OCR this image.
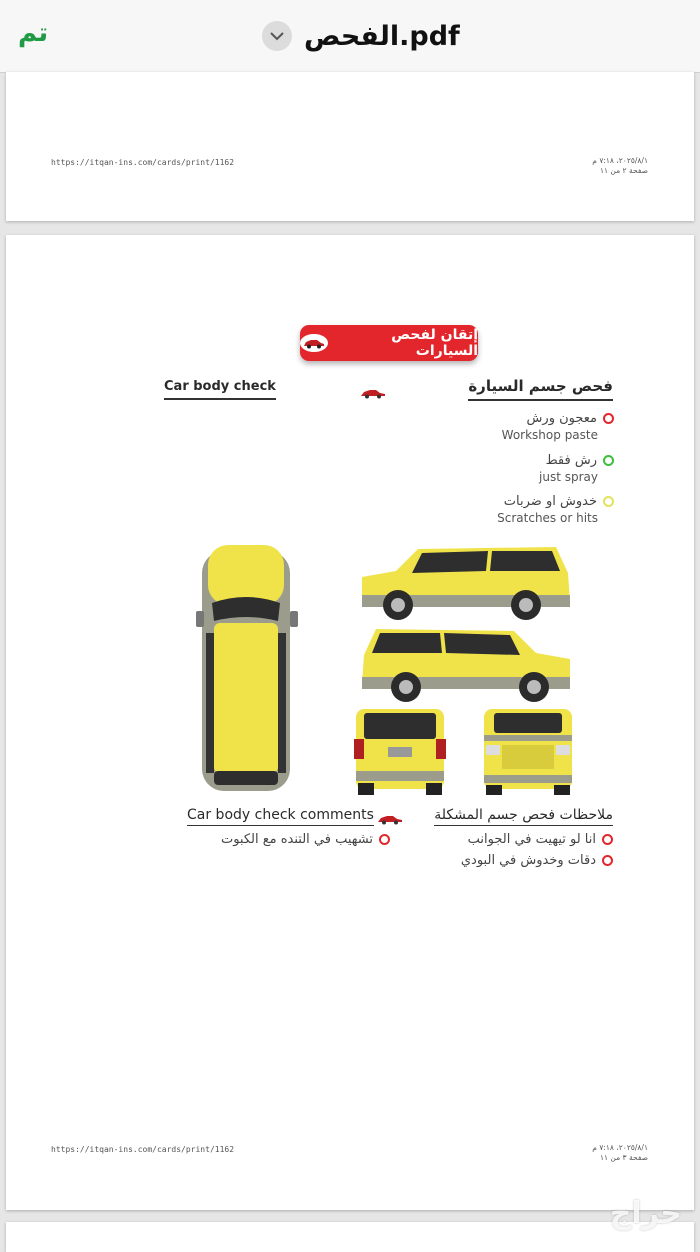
تم	الفحص.pdf
https://itqan-ins.com/cards/print/1162	٢٠٢٥/٨/١، ٧:١٨ م
صفحة ٢ من ١١
إتقان لفحص السيارات
فحص جسم السيارة
Car body check
معجون ورش
Workshop paste
رش فقط
just spray
خدوش او ضربات
Scratches or hits
ملاحظات فحص جسم المشكلة
Car body check comments
انا لو تيهيت في الجوانب
دقات وخدوش في البودي
تشهيب في التنده مع الكبوت
https://itqan-ins.com/cards/print/1162	٢٠٢٥/٨/١، ٧:١٨ م
صفحة ٣ من ١١
حراج
